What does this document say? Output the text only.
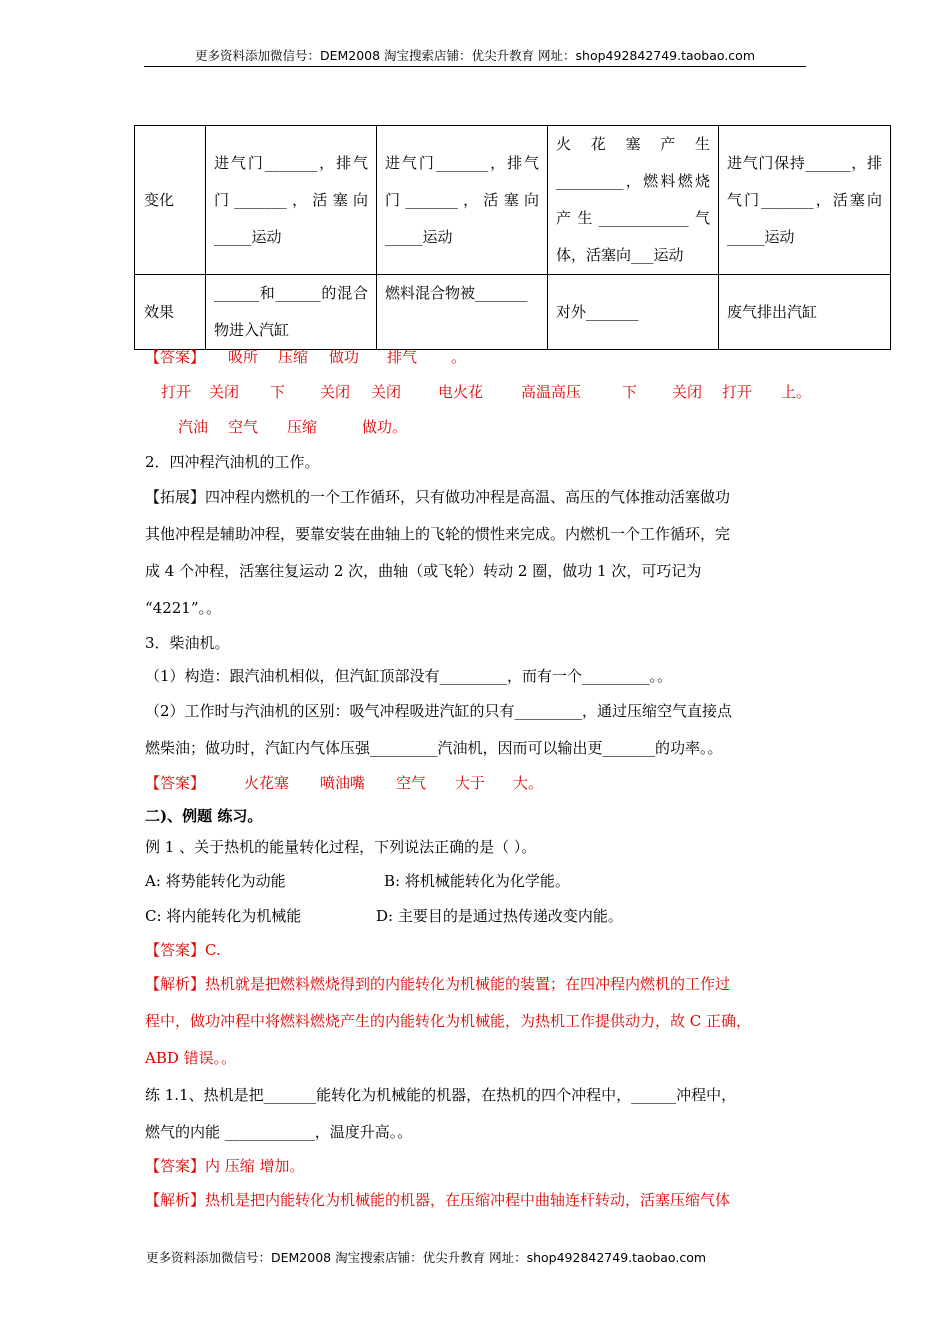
更多资料添加微信号：DEM2008 淘宝搜索店铺：优尖升教育 网址：shop492842749.taobao.com
变化	进气门_______，排气门_______，活塞向_____运动	进气门_______，排气门_______，活塞向_____运动	火花塞产生_________，燃料燃烧产生____________气体，活塞向___运动	进气门保持______，排气门_______，活塞向_____运动
效果	______和______的混合物进入汽缸	燃料混合物被_______	对外_______	废气排出汽缸
【答案】 吸所 压缩 做功 排气 。
打开 关闭 下 关闭 关闭 电火花	高温高压	下 关闭 打开 上。
汽油 空气 压缩	做功。
2．四冲程汽油机的工作。
【拓展】四冲程内燃机的一个工作循环，只有做功冲程是高温、高压的气体推动活塞做功
其他冲程是辅助冲程，要靠安装在曲轴上的飞轮的惯性来完成。内燃机一个工作循环，完
成 4 个冲程，活塞往复运动 2 次，曲轴（或飞轮）转动 2 圈，做功 1 次，可巧记为
“4221”。。
3．柴油机。
（1）构造：跟汽油机相似，但汽缸顶部没有_________，而有一个_________。。
（2）工作时与汽油机的区别：吸气冲程吸进汽缸的只有_________，通过压缩空气直接点
燃柴油；做功时，汽缸内气体压强_________汽油机，因而可以输出更_______的功率。。
【答案】	火花塞 喷油嘴 空气 大于 大。
二)、例题 练习。
例 1 、关于热机的能量转化过程，下列说法正确的是（ ）。
A: 将势能转化为动能	B: 将机械能转化为化学能。
C: 将内能转化为机械能	D: 主要目的是通过热传递改变内能。
【答案】C.
【解析】热机就是把燃料燃烧得到的内能转化为机械能的装置；在四冲程内燃机的工作过
程中，做功冲程中将燃料燃烧产生的内能转化为机械能，为热机工作提供动力，故 C 正确，
ABD 错误。。
练 1.1、热机是把_______能转化为机械能的机器，在热机的四个冲程中，______冲程中，
燃气的内能 ____________，温度升高。。
【答案】内 压缩 增加。
【解析】热机是把内能转化为机械能的机器，在压缩冲程中曲轴连杆转动，活塞压缩气体
更多资料添加微信号：DEM2008 淘宝搜索店铺：优尖升教育 网址：shop492842749.taobao.com
